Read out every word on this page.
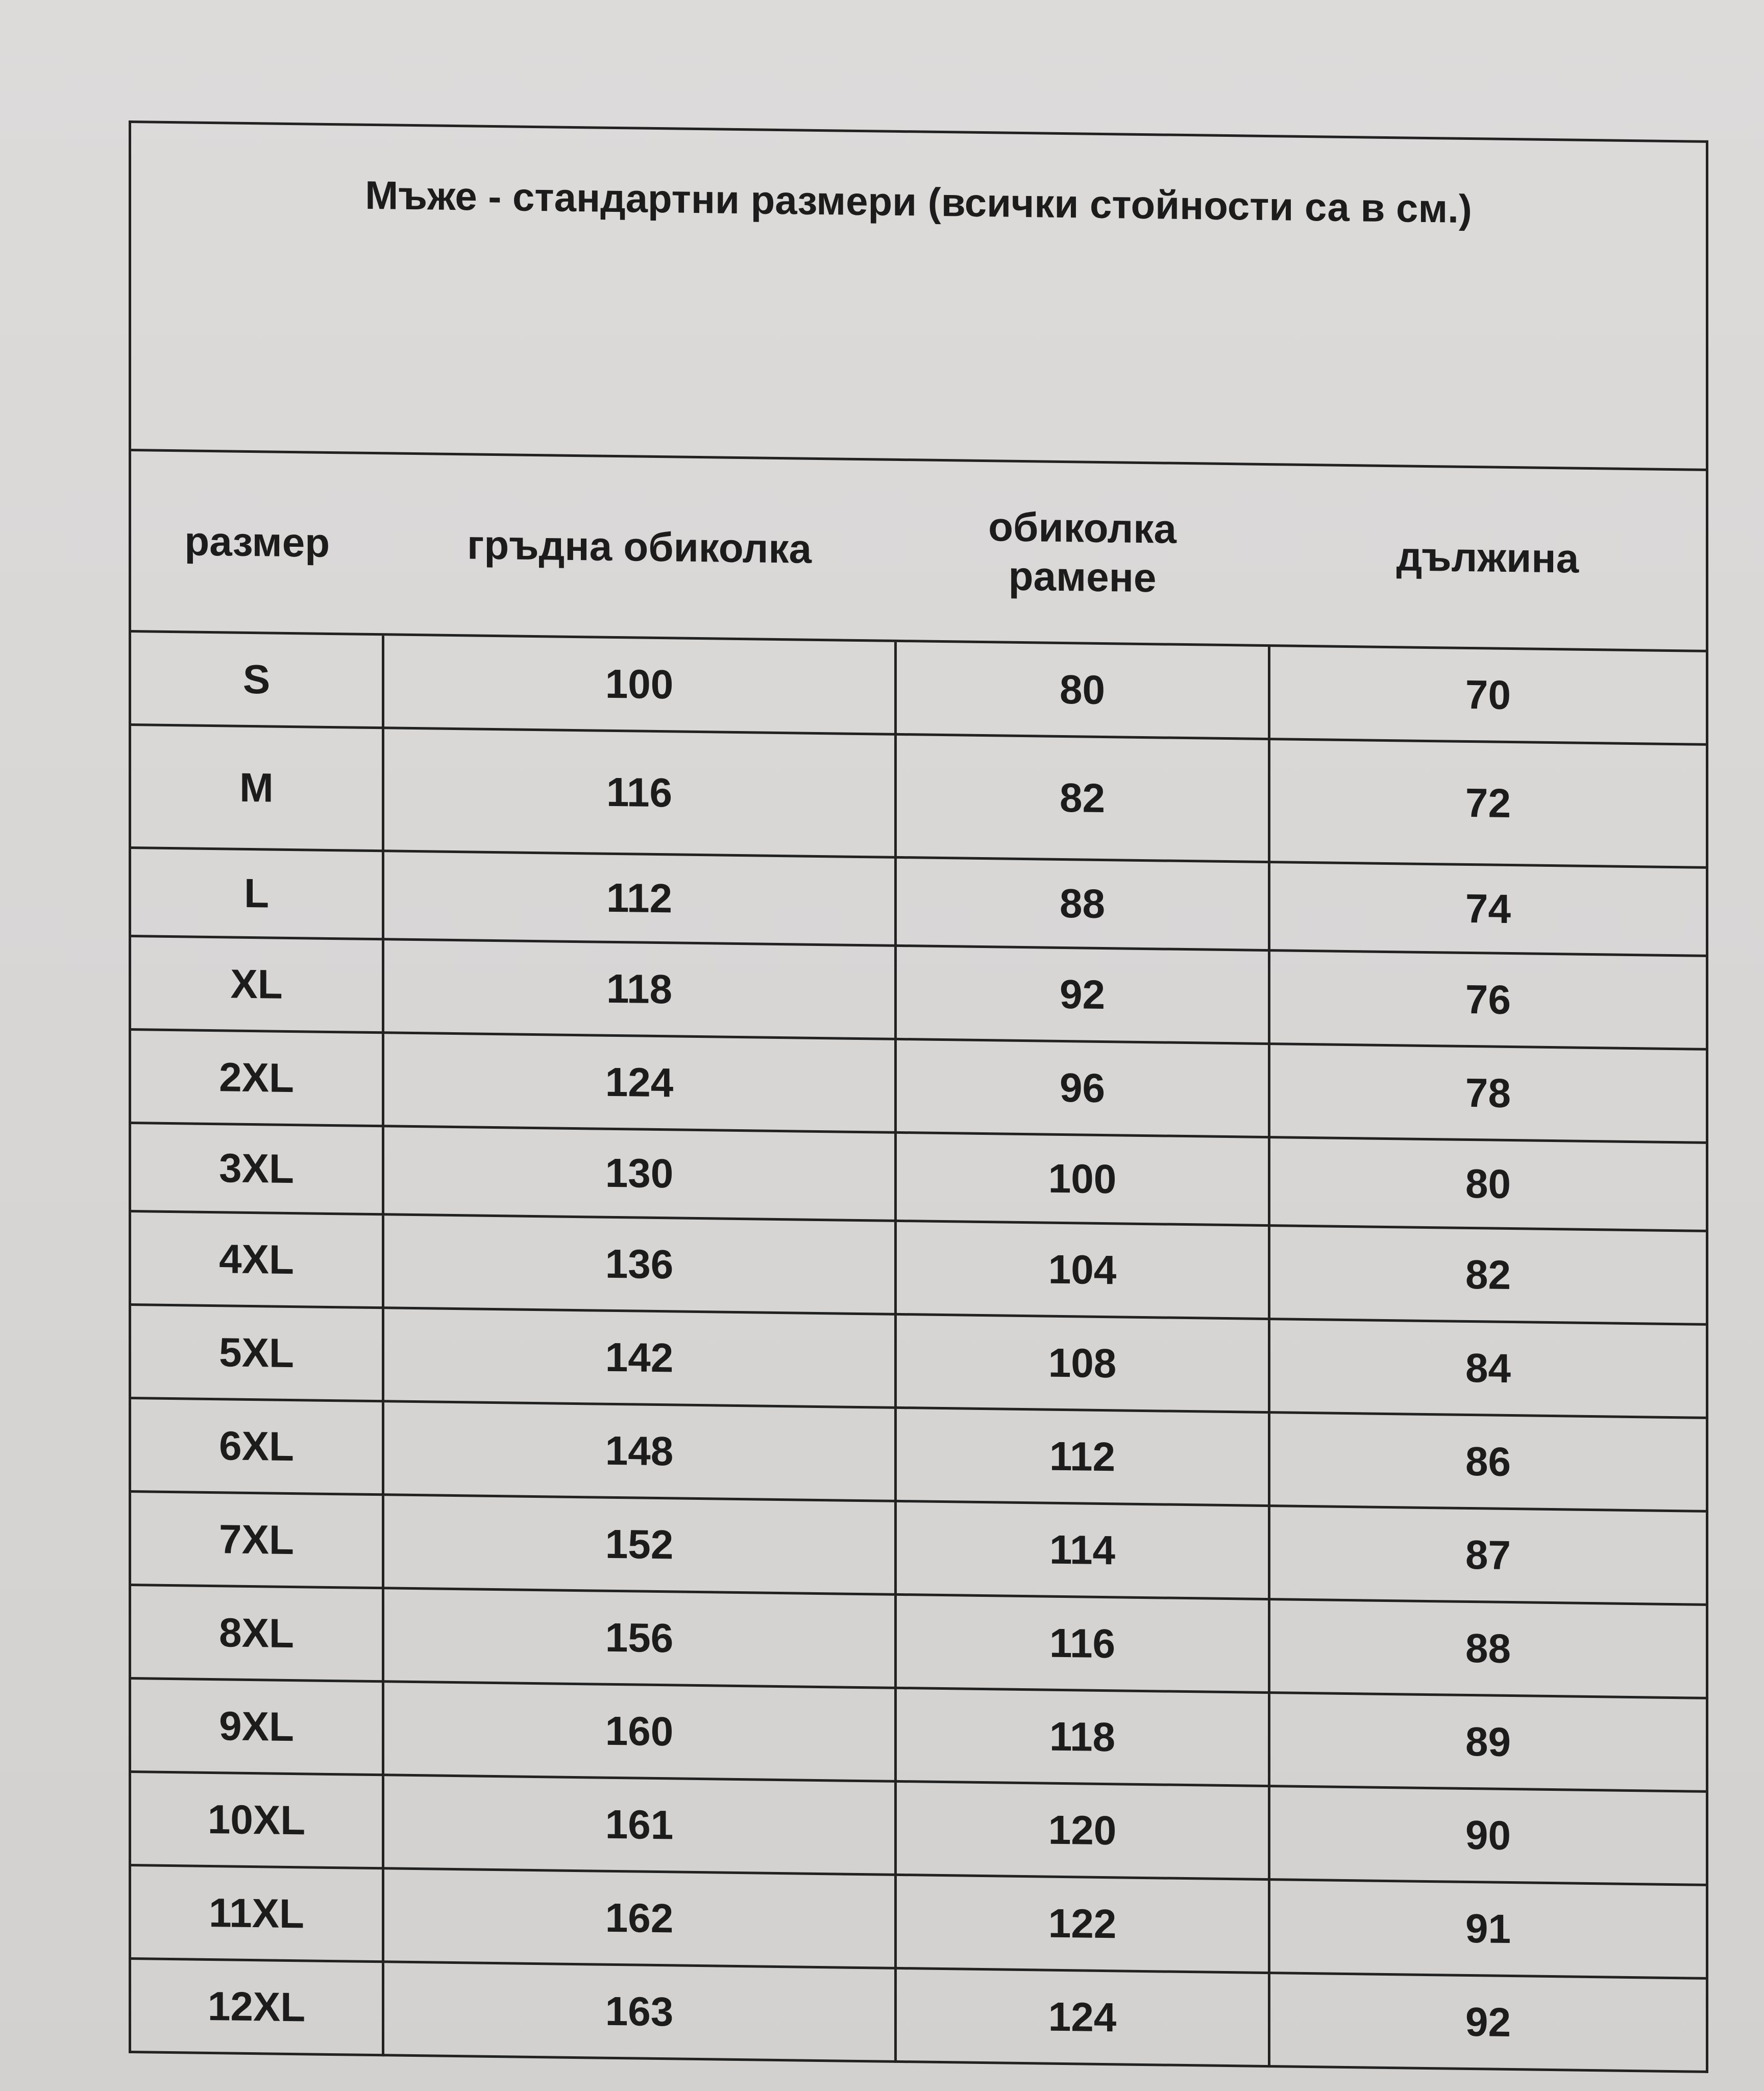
Мъже - стандартни размери (всички стойности са в см.)			
размер	гръдна обиколка	обиколка рамене	дължина
S	100	80	70
M	116	82	72
L	112	88	74
XL	118	92	76
2XL	124	96	78
3XL	130	100	80
4XL	136	104	82
5XL	142	108	84
6XL	148	112	86
7XL	152	114	87
8XL	156	116	88
9XL	160	118	89
10XL	161	120	90
11XL	162	122	91
12XL	163	124	92
